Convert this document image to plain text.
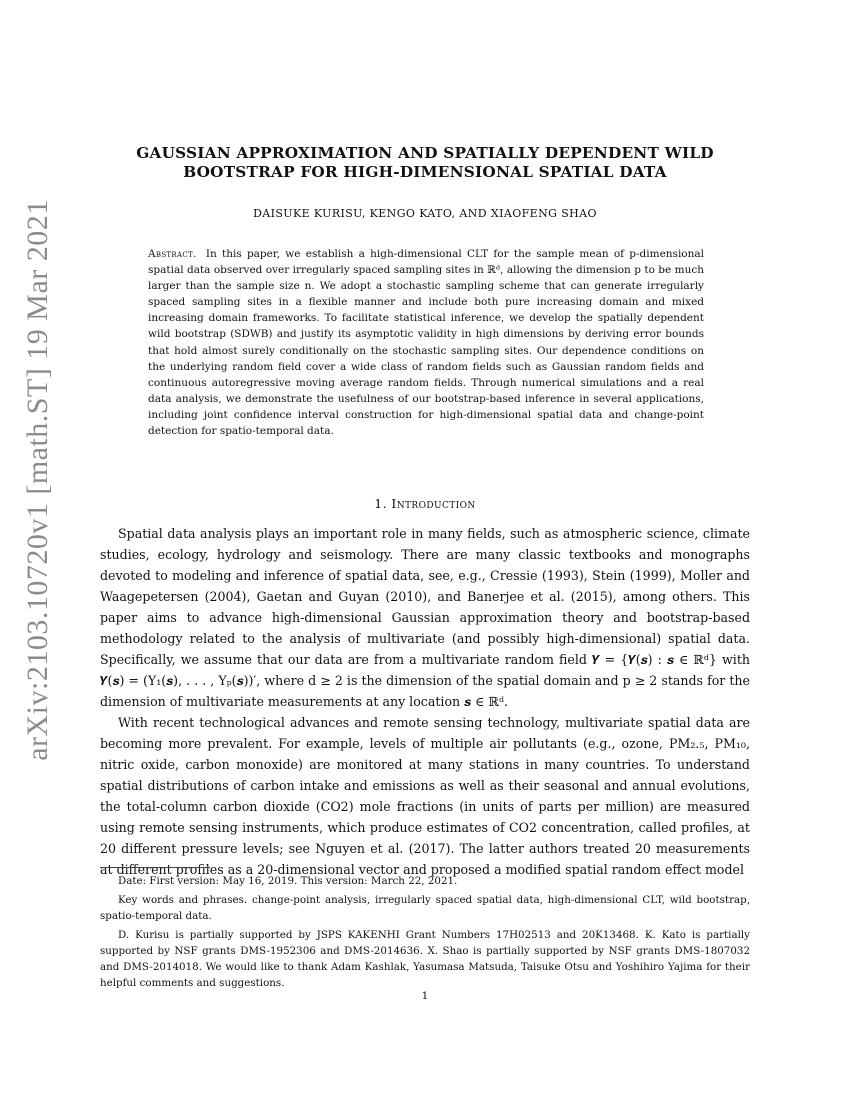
arXiv:2103.10720v1 [math.ST] 19 Mar 2021
GAUSSIAN APPROXIMATION AND SPATIALLY DEPENDENT WILD
BOOTSTRAP FOR HIGH-DIMENSIONAL SPATIAL DATA
DAISUKE KURISU, KENGO KATO, AND XIAOFENG SHAO
Abstract. In this paper, we establish a high-dimensional CLT for the sample mean of p-dimensional spatial data observed over irregularly spaced sampling sites in ℝᵈ, allowing the dimension p to be much larger than the sample size n. We adopt a stochastic sampling scheme that can generate irregularly spaced sampling sites in a flexible manner and include both pure increasing domain and mixed increasing domain frameworks. To facilitate statistical inference, we develop the spatially dependent wild bootstrap (SDWB) and justify its asymptotic validity in high dimensions by deriving error bounds that hold almost surely conditionally on the stochastic sampling sites. Our dependence conditions on the underlying random field cover a wide class of random fields such as Gaussian random fields and continuous autoregressive moving average random fields. Through numerical simulations and a real data analysis, we demonstrate the usefulness of our bootstrap-based inference in several applications, including joint confidence interval construction for high-dimensional spatial data and change-point detection for spatio-temporal data.
1. Introduction

Spatial data analysis plays an important role in many fields, such as atmospheric science, climate studies, ecology, hydrology and seismology. There are many classic textbooks and monographs devoted to modeling and inference of spatial data, see, e.g., Cressie (1993), Stein (1999), Moller and Waagepetersen (2004), Gaetan and Guyan (2010), and Banerjee et al. (2015), among others. This paper aims to advance high-dimensional Gaussian approximation theory and bootstrap-based methodology related to the analysis of multivariate (and possibly high-dimensional) spatial data. Specifically, we assume that our data are from a multivariate random field 𝒀 = {𝒀(𝒔) : 𝒔 ∈ ℝᵈ} with 𝒀(𝒔) = (Y₁(𝒔), . . . , Yₚ(𝒔))′, where d ≥ 2 is the dimension of the spatial domain and p ≥ 2 stands for the dimension of multivariate measurements at any location 𝒔 ∈ ℝᵈ.

With recent technological advances and remote sensing technology, multivariate spatial data are becoming more prevalent. For example, levels of multiple air pollutants (e.g., ozone, PM₂.₅, PM₁₀, nitric oxide, carbon monoxide) are monitored at many stations in many countries. To understand spatial distributions of carbon intake and emissions as well as their seasonal and annual evolutions, the total-column carbon dioxide (CO2) mole fractions (in units of parts per million) are measured using remote sensing instruments, which produce estimates of CO2 concentration, called profiles, at 20 different pressure levels; see Nguyen et al. (2017). The latter authors treated 20 measurements at different profiles as a 20-dimensional vector and proposed a modified spatial random effect model

Date: First version: May 16, 2019. This version: March 22, 2021.

Key words and phrases. change-point analysis, irregularly spaced spatial data, high-dimensional CLT, wild bootstrap, spatio-temporal data.

D. Kurisu is partially supported by JSPS KAKENHI Grant Numbers 17H02513 and 20K13468. K. Kato is partially supported by NSF grants DMS-1952306 and DMS-2014636. X. Shao is partially supported by NSF grants DMS-1807032 and DMS-2014018. We would like to thank Adam Kashlak, Yasumasa Matsuda, Taisuke Otsu and Yoshihiro Yajima for their helpful comments and suggestions.

1
